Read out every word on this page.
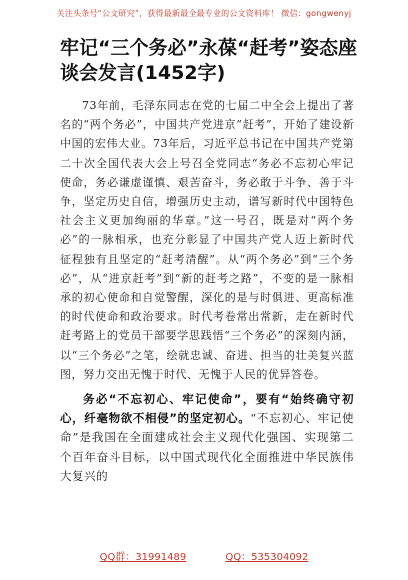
关注头条号“公文研究”，获得最新最全最专业的公文资料库！ 微信：gongwenyj
牢记“三个务必”永葆“赶考”姿态座谈会发言(1452字)

73年前，毛泽东同志在党的七届二中全会上提出了著名的“两个务必”，中国共产党进京“赶考”，开始了建设新中国的宏伟大业。73年后，习近平总书记在中国共产党第二十次全国代表大会上号召全党同志“务必不忘初心牢记使命，务必谦虚谨慎、艰苦奋斗，务必敢于斗争、善于斗争，坚定历史自信，增强历史主动，谱写新时代中国特色社会主义更加绚丽的华章。”这一号召，既是对“两个务必”的一脉相承，也充分彰显了中国共产党人迈上新时代征程独有且坚定的“赶考清醒”。从“两个务必”到“三个务必”，从“进京赶考”到“新的赶考之路”，不变的是一脉相承的初心使命和自觉警醒，深化的是与时俱进、更高标准的时代使命和政治要求。时代考卷常出常新，走在新时代赶考路上的党员干部要学思践悟“三个务必”的深刻内涵，以“三个务必”之笔，绘就忠诚、奋进、担当的壮美复兴蓝图，努力交出无愧于时代、无愧于人民的优异答卷。

务必“不忘初心、牢记使命”，要有“始终确守初心，纤毫物欲不相侵”的坚定初心。“不忘初心、牢记使命”是我国在全面建成社会主义现代化强国、实现第二个百年奋斗目标，以中国式现代化全面推进中华民族伟大复兴的

QQ群：31991489	QQ：535304092
